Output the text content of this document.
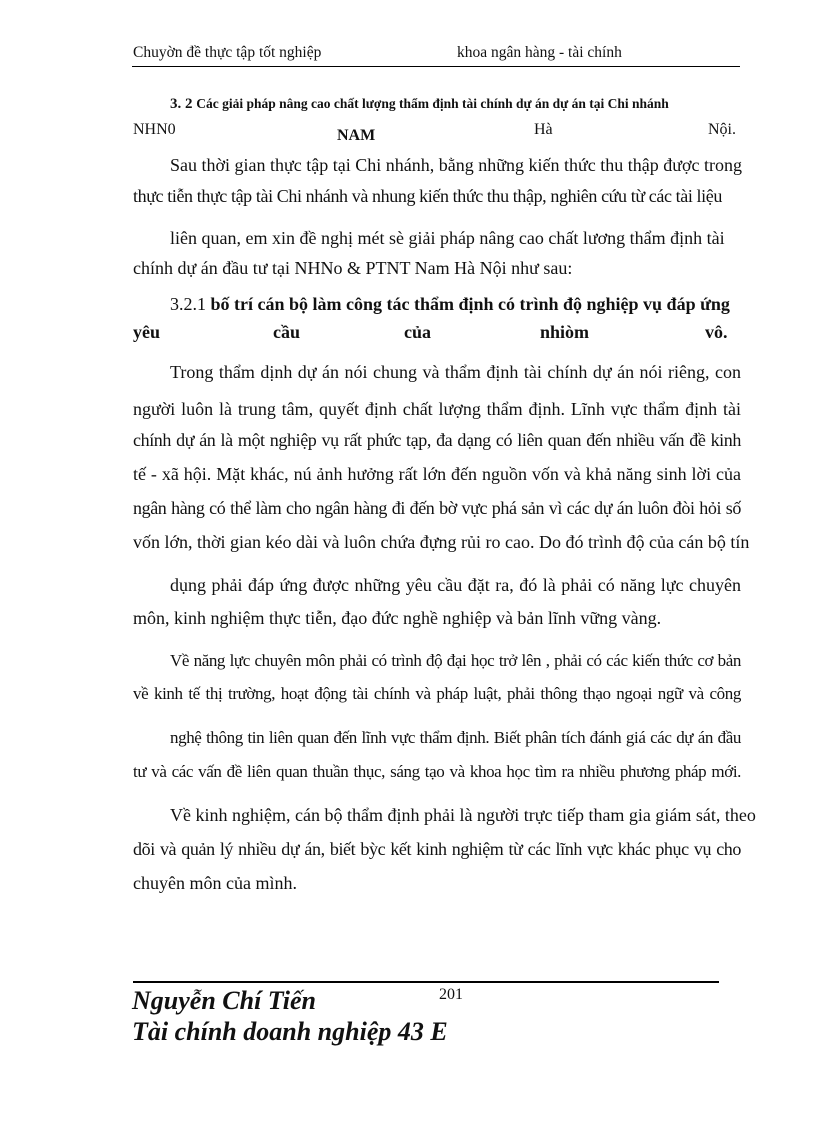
Chuyờn đề thực tập tốt nghiệp	khoa ngân hàng - tài chính
3. 2 Các giải pháp nâng cao chất lượng thẩm định tài chính dự án dự án tại Chi nhánh
NHN0	NAM	Hà	Nội.
Sau thời gian thực tập tại Chi nhánh, bằng những kiến thức thu thập được trong
thực tiễn thực tập tài Chi nhánh và nhung kiến thức thu thập, nghiên cứu từ các tài liệu
liên quan, em xin đề nghị mét sè giải pháp nâng cao chất lương thẩm định tài
chính dự án đầu tư tại NHNo & PTNT Nam Hà Nội như sau:
3.2.1 bố trí cán bộ làm công tác thẩm định có trình độ nghiệp vụ đáp ứng
yêu	cầu	của	nhiòm	vô.
Trong thẩm dịnh dự án nói chung và thẩm định tài chính dự án nói riêng, con
người luôn là trung tâm, quyết định chất lượng thẩm định. Lĩnh vực thẩm định tài
chính dự án là một nghiệp vụ rất phức tạp, đa dạng có liên quan đến nhiều vấn đề kinh
tế - xã hội. Mặt khác, nú ảnh hưởng rất lớn đến nguồn vốn và khả năng sinh lời của
ngân hàng có thể làm cho ngân hàng đi đến bờ vực phá sản vì các dự án luôn đòi hỏi số
vốn lớn, thời gian kéo dài và luôn chứa đựng rủi ro cao. Do đó trình độ của cán bộ tín
dụng phải đáp ứng được những yêu cầu đặt ra, đó là phải có năng lực chuyên
môn, kinh nghiệm thực tiễn, đạo đức nghề nghiệp và bản lĩnh vững vàng.
Về năng lực chuyên môn phải có trình độ đại học trở lên , phải có các kiến thức cơ bản
về kinh tế thị trường, hoạt động tài chính và pháp luật, phải thông thạo ngoại ngữ và công
nghệ thông tin liên quan đến lĩnh vực thẩm định. Biết phân tích đánh giá các dự án đầu
tư và các vấn đề liên quan thuần thục, sáng tạo và khoa học tìm ra nhiều phương pháp mới.
Về kinh nghiệm, cán bộ thẩm định phải là người trực tiếp tham gia giám sát, theo
dõi và quản lý nhiều dự án, biết bỳc kết kinh nghiệm từ các lĩnh vực khác phục vụ cho
chuyên môn của mình.
201
Nguyễn Chí Tiến
Tài chính doanh nghiệp 43 E
